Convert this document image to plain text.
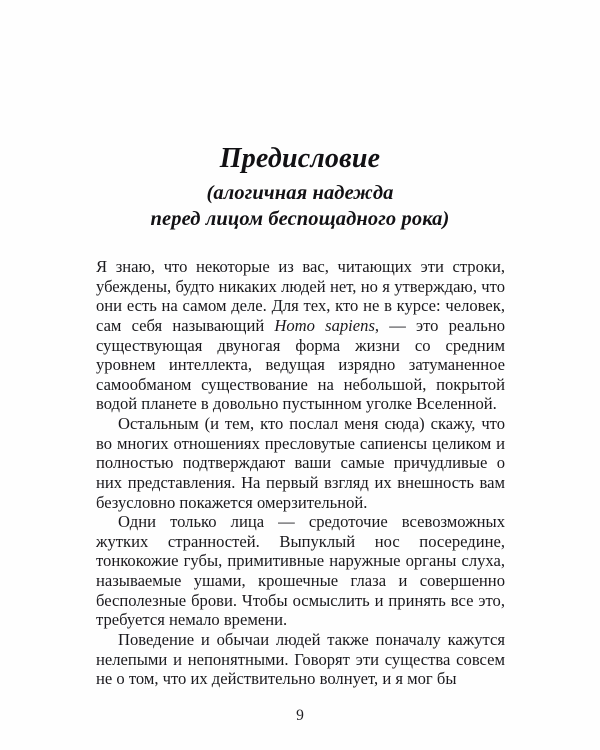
Предисловие
(алогичная надежда
перед лицом беспощадного рока)

Я знаю, что некоторые из вас, читающих эти строки, убеждены, будто никаких людей нет, но я утверждаю, что они есть на самом деле. Для тех, кто не в курсе: человек, сам себя называющий Homo sapiens, — это реально существующая двуногая форма жизни со средним уровнем интеллекта, ведущая изрядно затуманенное самообманом существование на небольшой, покрытой водой планете в довольно пустынном уголке Вселенной.

Остальным (и тем, кто послал меня сюда) скажу, что во многих отношениях пресловутые сапиенсы целиком и полностью подтверждают ваши самые причудливые о них представления. На первый взгляд их внешность вам безусловно покажется омерзительной.

Одни только лица — средоточие всевозможных жутких странностей. Выпуклый нос посередине, тонкокожие губы, примитивные наружные органы слуха, называемые ушами, крошечные глаза и совершенно бесполезные брови. Чтобы осмыслить и принять все это, требуется немало времени.

Поведение и обычаи людей также поначалу кажутся нелепыми и непонятными. Говорят эти существа совсем не о том, что их действительно волнует, и я мог бы

9
